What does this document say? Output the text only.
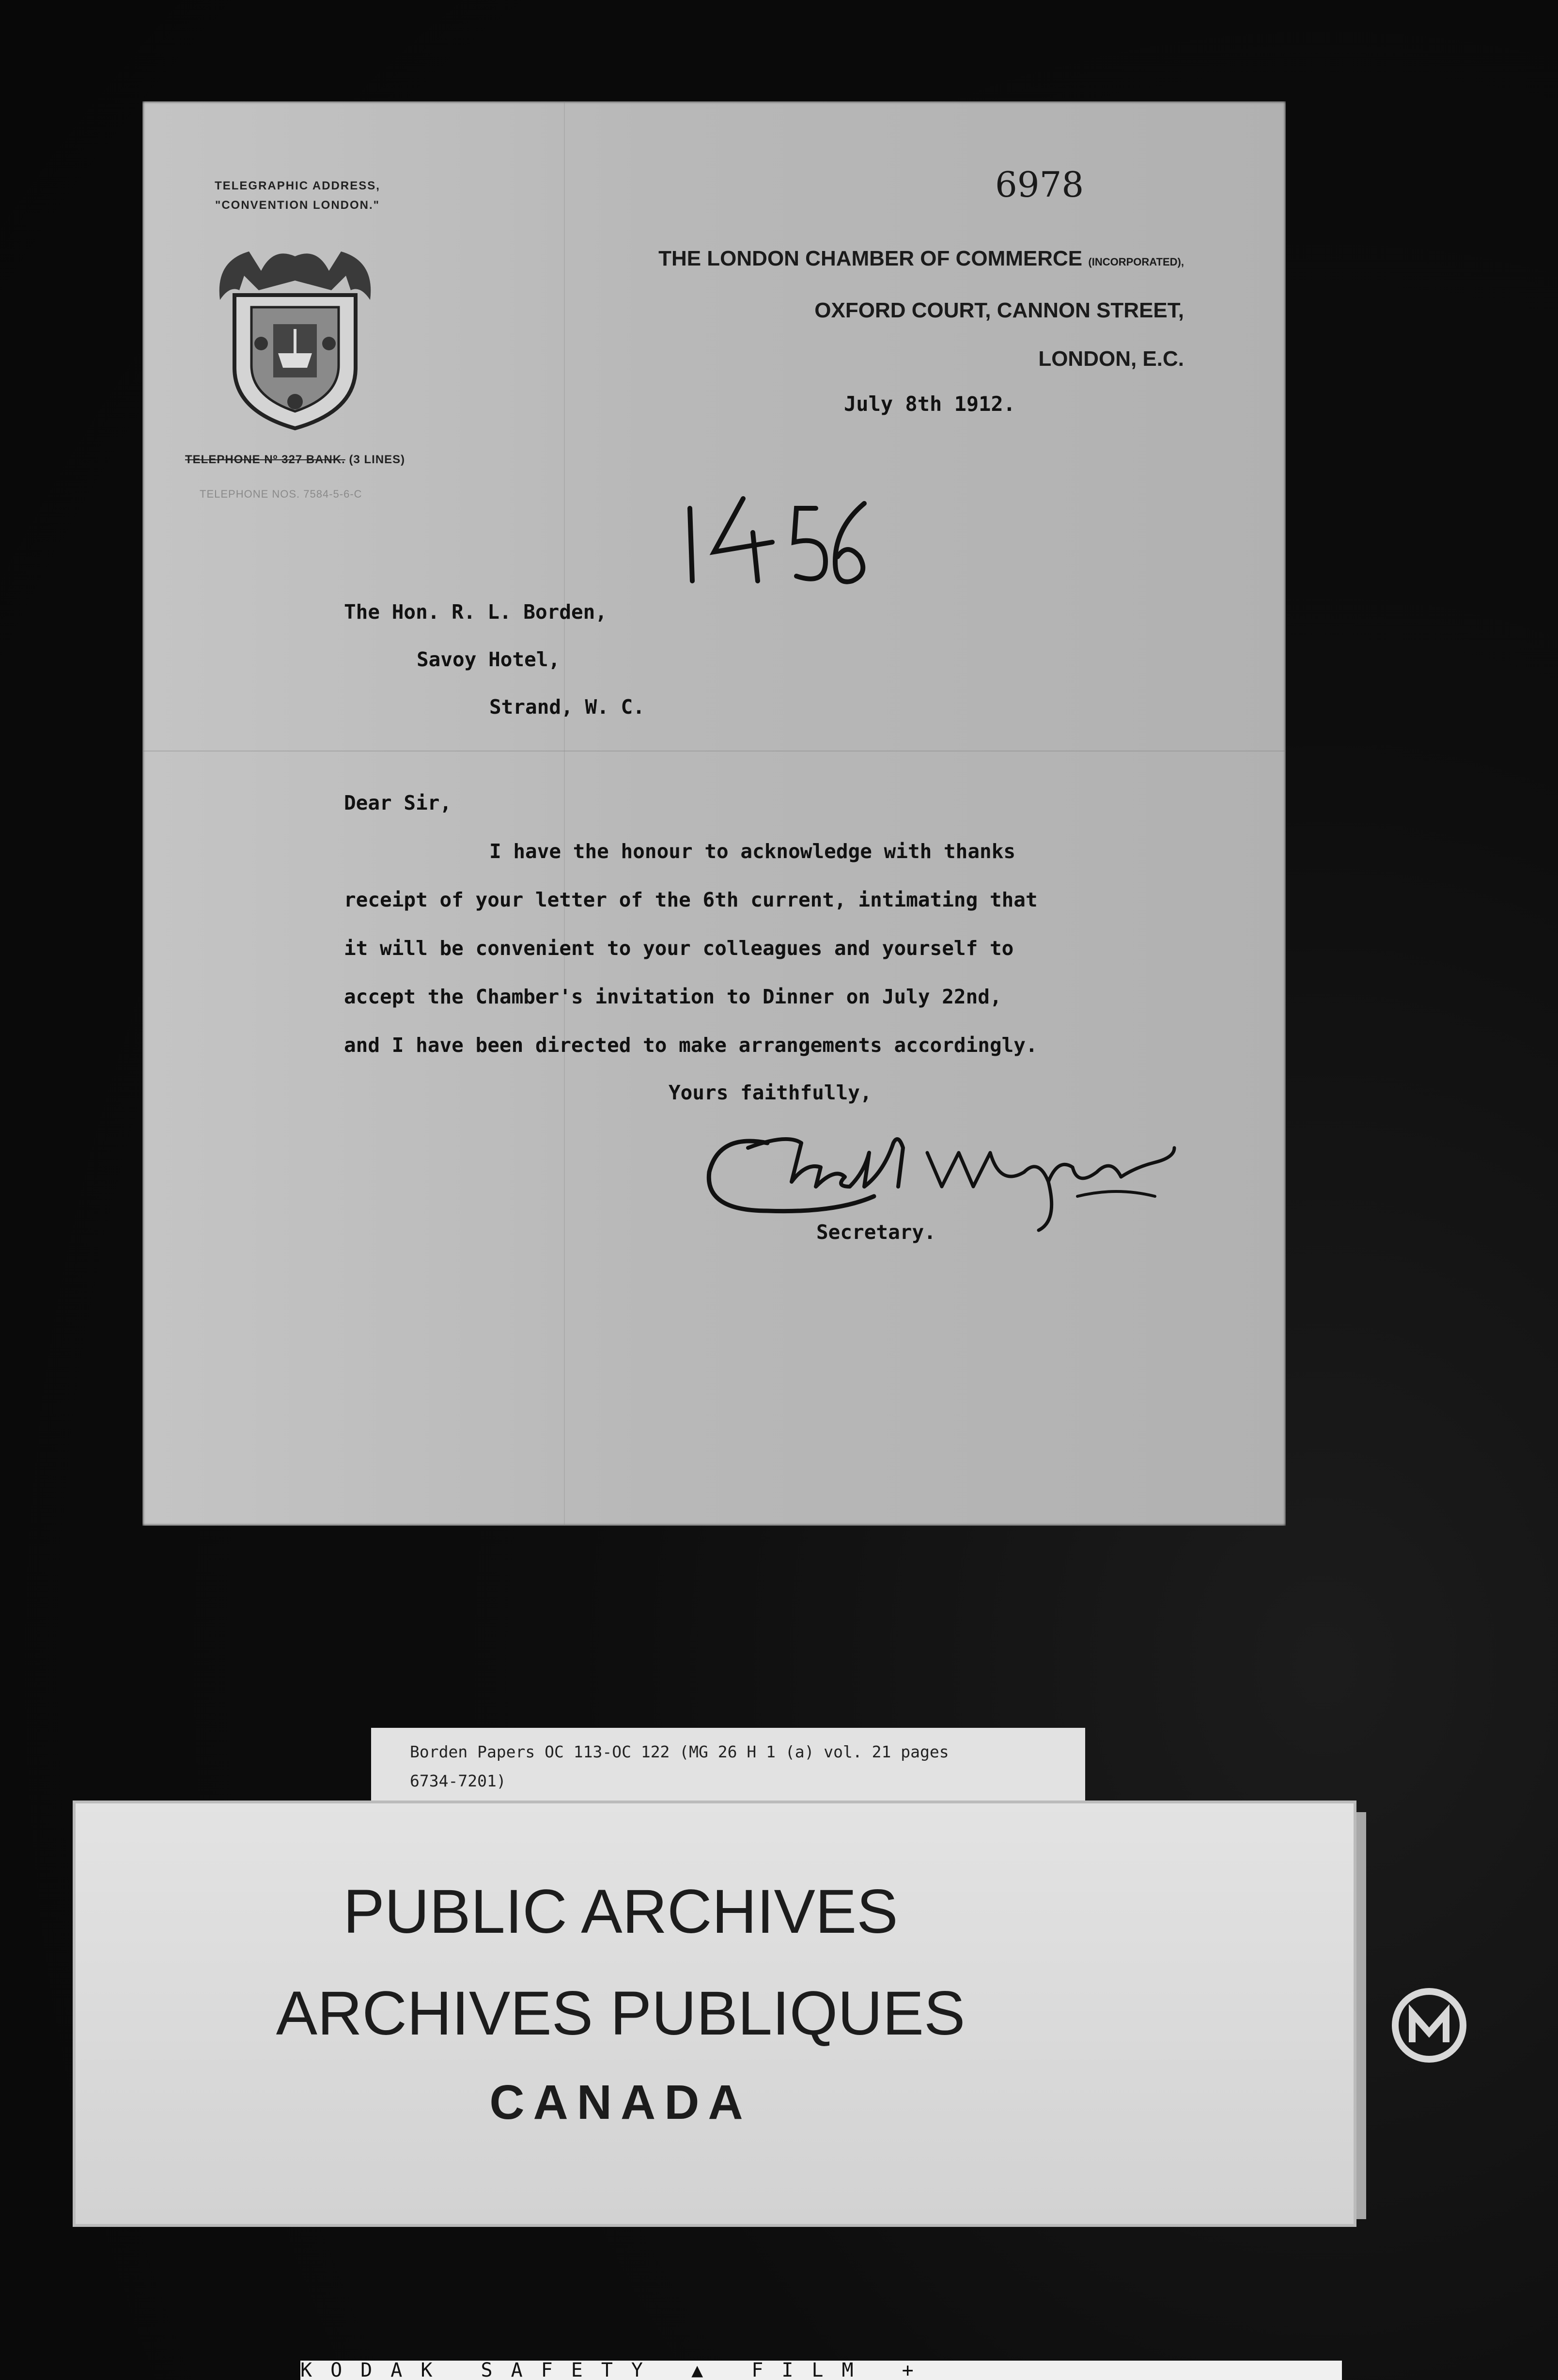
6978
TELEGRAPHIC ADDRESS,
"CONVENTION LONDON."
TELEPHONE Nº 327 BANK. (3 LINES)
TELEPHONE NOS. 7584-5-6-C
THE LONDON CHAMBER OF COMMERCE (INCORPORATED),
OXFORD COURT, CANNON STREET,
LONDON, E.C.
July 8th 1912.
The Hon. R. L. Borden,
Savoy Hotel,
Strand, W. C.
Dear Sir,
I have the honour to acknowledge with thanks
receipt of your letter of the 6th current, intimating that
it will be convenient to your colleagues and yourself to
accept the Chamber's invitation to Dinner on July 22nd,
and I have been directed to make arrangements accordingly.
Yours faithfully,
Secretary.
Borden Papers OC 113-OC 122 (MG 26 H 1 (a) vol. 21 pages
6734-7201)
PUBLIC ARCHIVES
ARCHIVES PUBLIQUES
CANADA
KODAK SAFETY ▲ FILM +
